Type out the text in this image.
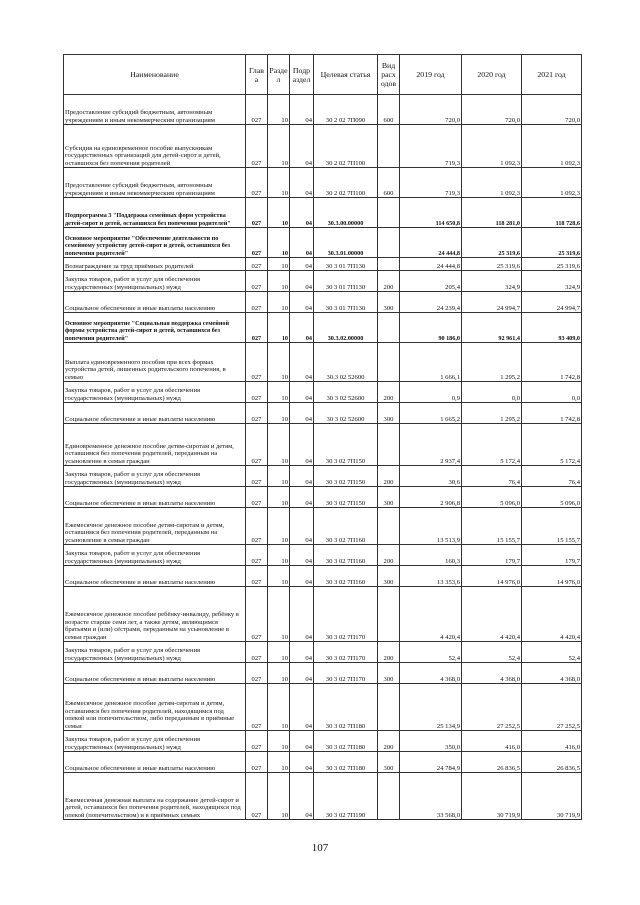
Наименование	Глав а	Разде л	Подр аздел	Целевая статья	Вид расх одов	2019 год	2020 год	2021 год
Предоставление субсидий бюджетным, автономным учреждениям и иным некоммерческим организациям	027	10	04	30 2 02 7П090	600	720,0	720,0	720,0
Субсидия на единовременное пособие выпускникам государственных организаций для детей-сирот и детей, оставшихся без попечения родителей	027	10	04	30 2 02 7П100		719,3	1 092,3	1 092,3
Предоставление субсидий бюджетным, автономным учреждениям и иным некоммерческим организациям	027	10	04	30 2 02 7П100	600	719,3	1 092,3	1 092,3
Подпрограмма 3 "Поддержка семейных форм устройства детей-сирот и детей, оставшихся без попечения родителей"	027	10	04	30.3.00.00000		114 650,8	118 281,0	118 728,6
Основное мероприятие "Обеспечение деятельности по семейному устройству детей-сирот и детей, оставшихся без попечения родителей"	027	10	04	30.3.01.00000		24 444,8	25 319,6	25 319,6
Вознаграждение за труд приёмных родителей	027	10	04	30 3 01 7П130		24 444,8	25 319,6	25 319,6
Закупка товаров, работ и услуг для обеспечения государственных (муниципальных) нужд	027	10	04	30 3 01 7П130	200	205,4	324,9	324,9
Социальное обеспечение и иные выплаты населению	027	10	04	30 3 01 7П130	300	24 239,4	24 994,7	24 994,7
Основное мероприятие "Социальная поддержка семейной формы устройства детей-сирот и детей, оставшихся без попечения родителей"	027	10	04	30.3.02.00000		90 186,0	92 961,4	93 409,0
Выплата единовременного пособия при всех формах устройства детей, лишенных родительского попечения, в семью	027	10	04	30.3 02 52600		1 666,1	1 295,2	1 742,8
Закупка товаров, работ и услуг для обеспечения государственных (муниципальных) нужд	027	10	04	30 3 02 52600	200	0,9	0,0	0,0
Социальное обеспечение и иные выплаты населению	027	10	04	30 3 02 52600	300	1 665,2	1 295,2	1 742,8
Единовременное денежное пособие детям-сиротам и детям, оставшимся без попечения родителей, переданным на усыновление в семьи граждан	027	10	04	30 3 02 7П150		2 937,4	5 172,4	5 172,4
Закупка товаров, работ и услуг для обеспечения государственных (муниципальных) нужд	027	10	04	30 3 02 7П150	200	30,6	76,4	76,4
Социальное обеспечение и иные выплаты населению	027	10	04	30 3 02 7П150	300	2 906,8	5 096,0	5 096,0
Ежемесячное денежное пособие детям-сиротам и детям, оставшимся без попечения родителей, переданным на усыновление в семьи граждан	027	10	04	30 3 02 7П160		13 513,9	15 155,7	15 155,7
Закупка товаров, работ и услуг для обеспечения государственных (муниципальных) нужд	027	10	04	30 3 02 7П160	200	160,3	179,7	179,7
Социальное обеспечение и иные выплаты населению	027	10	04	30 3 02 7П160	300	13 353,6	14 976,0	14 976,0
Ежемесячное денежное пособие ребёнку-инвалиду, ребёнку в возрасте старше семи лет, а также детям, являющимся братьями и (или) сёстрами, переданным на усыновление в семьи граждан	027	10	04	30 3 02 7П170		4 420,4	4 420,4	4 420,4
Закупка товаров, работ и услуг для обеспечения государственных (муниципальных) нужд	027	10	04	30 3 02 7П170	200	52,4	52,4	52,4
Социальное обеспечение и иные выплаты населению	027	10	04	30 3 02 7П170	300	4 368,0	4 368,0	4 368,0
Ежемесячное денежное пособие детям-сиротам и детям, оставшимся без попечения родителей, находящимся под опекой или попечительством, либо переданным в приёмные семьи	027	10	04	30 3 02 7П180		25 134,9	27 252,5	27 252,5
Закупка товаров, работ и услуг для обеспечения государственных (муниципальных) нужд	027	10	04	30 3 02 7П180	200	350,0	416,0	416,0
Социальное обеспечение и иные выплаты населению	027	10	04	30 3 02 7П180	300	24 784,9	26 836,5	26 836,5
Ежемесячная денежная выплата на содержание детей-сирот и детей, оставшихся без попечения родителей, находящихся под опекой (попечительством) и в приёмных семьях	027	10	04	30 3 02 7П190		33 568,0	30 719,9	30 719,9
107
